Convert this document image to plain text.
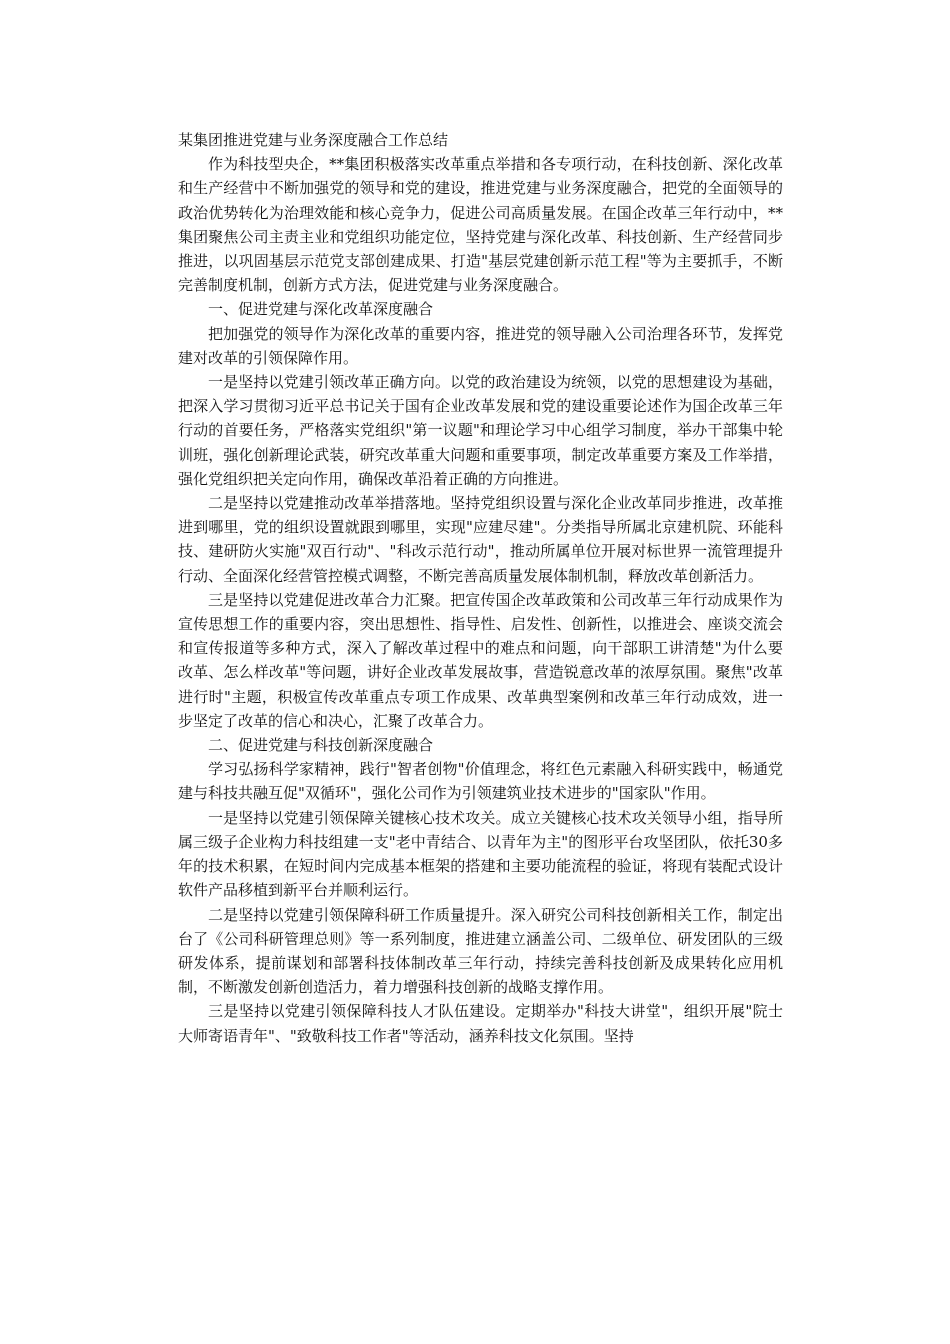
某集团推进党建与业务深度融合工作总结

作为科技型央企，**集团积极落实改革重点举措和各专项行动，在科技创新、深化改革和生产经营中不断加强党的领导和党的建设，推进党建与业务深度融合，把党的全面领导的政治优势转化为治理效能和核心竞争力，促进公司高质量发展。在国企改革三年行动中，**集团聚焦公司主责主业和党组织功能定位，坚持党建与深化改革、科技创新、生产经营同步推进，以巩固基层示范党支部创建成果、打造"基层党建创新示范工程"等为主要抓手，不断完善制度机制，创新方式方法，促进党建与业务深度融合。

一、促进党建与深化改革深度融合

把加强党的领导作为深化改革的重要内容，推进党的领导融入公司治理各环节，发挥党建对改革的引领保障作用。

一是坚持以党建引领改革正确方向。以党的政治建设为统领，以党的思想建设为基础，把深入学习贯彻习近平总书记关于国有企业改革发展和党的建设重要论述作为国企改革三年行动的首要任务，严格落实党组织"第一议题"和理论学习中心组学习制度，举办干部集中轮训班，强化创新理论武装，研究改革重大问题和重要事项，制定改革重要方案及工作举措，强化党组织把关定向作用，确保改革沿着正确的方向推进。

二是坚持以党建推动改革举措落地。坚持党组织设置与深化企业改革同步推进，改革推进到哪里，党的组织设置就跟到哪里，实现"应建尽建"。分类指导所属北京建机院、环能科技、建研防火实施"双百行动"、"科改示范行动"，推动所属单位开展对标世界一流管理提升行动、全面深化经营管控模式调整，不断完善高质量发展体制机制，释放改革创新活力。

三是坚持以党建促进改革合力汇聚。把宣传国企改革政策和公司改革三年行动成果作为宣传思想工作的重要内容，突出思想性、指导性、启发性、创新性，以推进会、座谈交流会和宣传报道等多种方式，深入了解改革过程中的难点和问题，向干部职工讲清楚"为什么要改革、怎么样改革"等问题，讲好企业改革发展故事，营造锐意改革的浓厚氛围。聚焦"改革进行时"主题，积极宣传改革重点专项工作成果、改革典型案例和改革三年行动成效，进一步坚定了改革的信心和决心，汇聚了改革合力。

二、促进党建与科技创新深度融合

学习弘扬科学家精神，践行"智者创物"价值理念，将红色元素融入科研实践中，畅通党建与科技共融互促"双循环"，强化公司作为引领建筑业技术进步的"国家队"作用。

一是坚持以党建引领保障关键核心技术攻关。成立关键核心技术攻关领导小组，指导所属三级子企业构力科技组建一支"老中青结合、以青年为主"的图形平台攻坚团队，依托30多年的技术积累，在短时间内完成基本框架的搭建和主要功能流程的验证，将现有装配式设计软件产品移植到新平台并顺利运行。

二是坚持以党建引领保障科研工作质量提升。深入研究公司科技创新相关工作，制定出台了《公司科研管理总则》等一系列制度，推进建立涵盖公司、二级单位、研发团队的三级研发体系，提前谋划和部署科技体制改革三年行动，持续完善科技创新及成果转化应用机制，不断激发创新创造活力，着力增强科技创新的战略支撑作用。

三是坚持以党建引领保障科技人才队伍建设。定期举办"科技大讲堂"，组织开展"院士大师寄语青年"、"致敬科技工作者"等活动，涵养科技文化氛围。坚持
